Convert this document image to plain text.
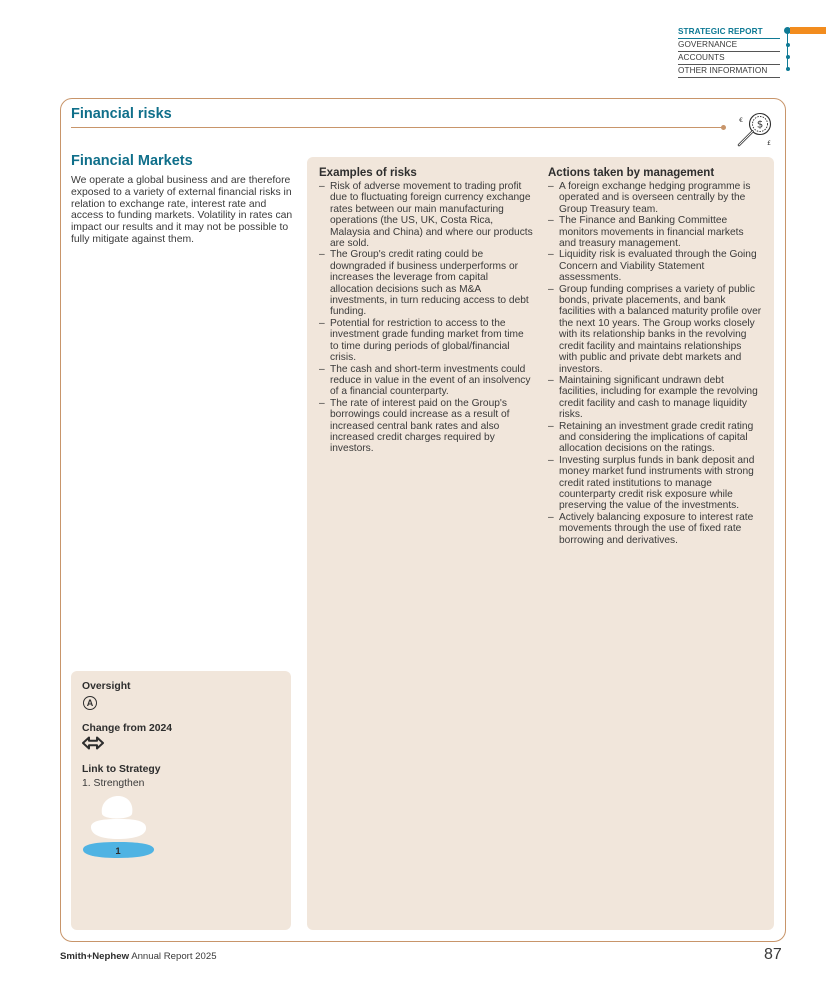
STRATEGIC REPORT
GOVERNANCE
ACCOUNTS
OTHER INFORMATION
Financial risks
$
€
£
Financial Markets

We operate a global business and are therefore exposed to a variety of external financial risks in relation to exchange rate, interest rate and access to funding markets. Volatility in rates can impact our results and it may not be possible to fully mitigate against them.

Oversight
A
Change from 2024
Link to Strategy
1. Strengthen
1
Examples of risks
– Risk of adverse movement to trading profit due to fluctuating foreign currency exchange rates between our main manufacturing operations (the US, UK, Costa Rica, Malaysia and China) and where our products are sold.
– The Group's credit rating could be downgraded if business underperforms or increases the leverage from capital allocation decisions such as M&A investments, in turn reducing access to debt funding.
– Potential for restriction to access to the investment grade funding market from time to time during periods of global/financial crisis.
– The cash and short-term investments could reduce in value in the event of an insolvency of a financial counterparty.
– The rate of interest paid on the Group's borrowings could increase as a result of increased central bank rates and also increased credit charges required by investors.
Actions taken by management
– A foreign exchange hedging programme is operated and is overseen centrally by the Group Treasury team.
– The Finance and Banking Committee monitors movements in financial markets and treasury management.
– Liquidity risk is evaluated through the Going Concern and Viability Statement assessments.
– Group funding comprises a variety of public bonds, private placements, and bank facilities with a balanced maturity profile over the next 10 years. The Group works closely with its relationship banks in the revolving credit facility and maintains relationships with public and private debt markets and investors.
– Maintaining significant undrawn debt facilities, including for example the revolving credit facility and cash to manage liquidity risks.
– Retaining an investment grade credit rating and considering the implications of capital allocation decisions on the ratings.
– Investing surplus funds in bank deposit and money market fund instruments with strong credit rated institutions to manage counterparty credit risk exposure while preserving the value of the investments.
– Actively balancing exposure to interest rate movements through the use of fixed rate borrowing and derivatives.
Smith+Nephew Annual Report 2025	87
